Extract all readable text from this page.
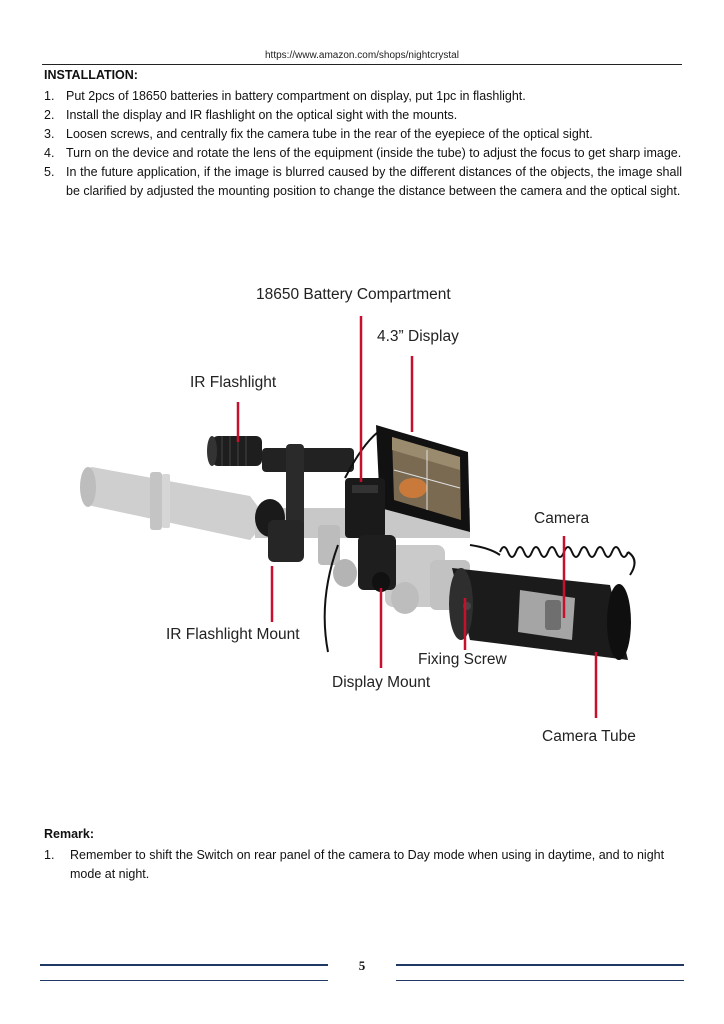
https://www.amazon.com/shops/nightcrystal
INSTALLATION:
1. Put 2pcs of 18650 batteries in battery compartment on display, put 1pc in flashlight.
2. Install the display and IR flashlight on the optical sight with the mounts.
3. Loosen screws, and centrally fix the camera tube in the rear of the eyepiece of the optical sight.
4. Turn on the device and rotate the lens of the equipment (inside the tube) to adjust the focus to get sharp image.
5. In the future application, if the image is blurred caused by the different distances of the objects, the image shall be clarified by adjusted the mounting position to change the distance between the camera and the optical sight.
18650 Battery Compartment
4.3” Display
IR Flashlight
Camera
IR Flashlight Mount
Fixing Screw
Display Mount
Camera Tube
Remark:
1. Remember to shift the Switch on rear panel of the camera to Day mode when using in daytime, and to night mode at night.
5
